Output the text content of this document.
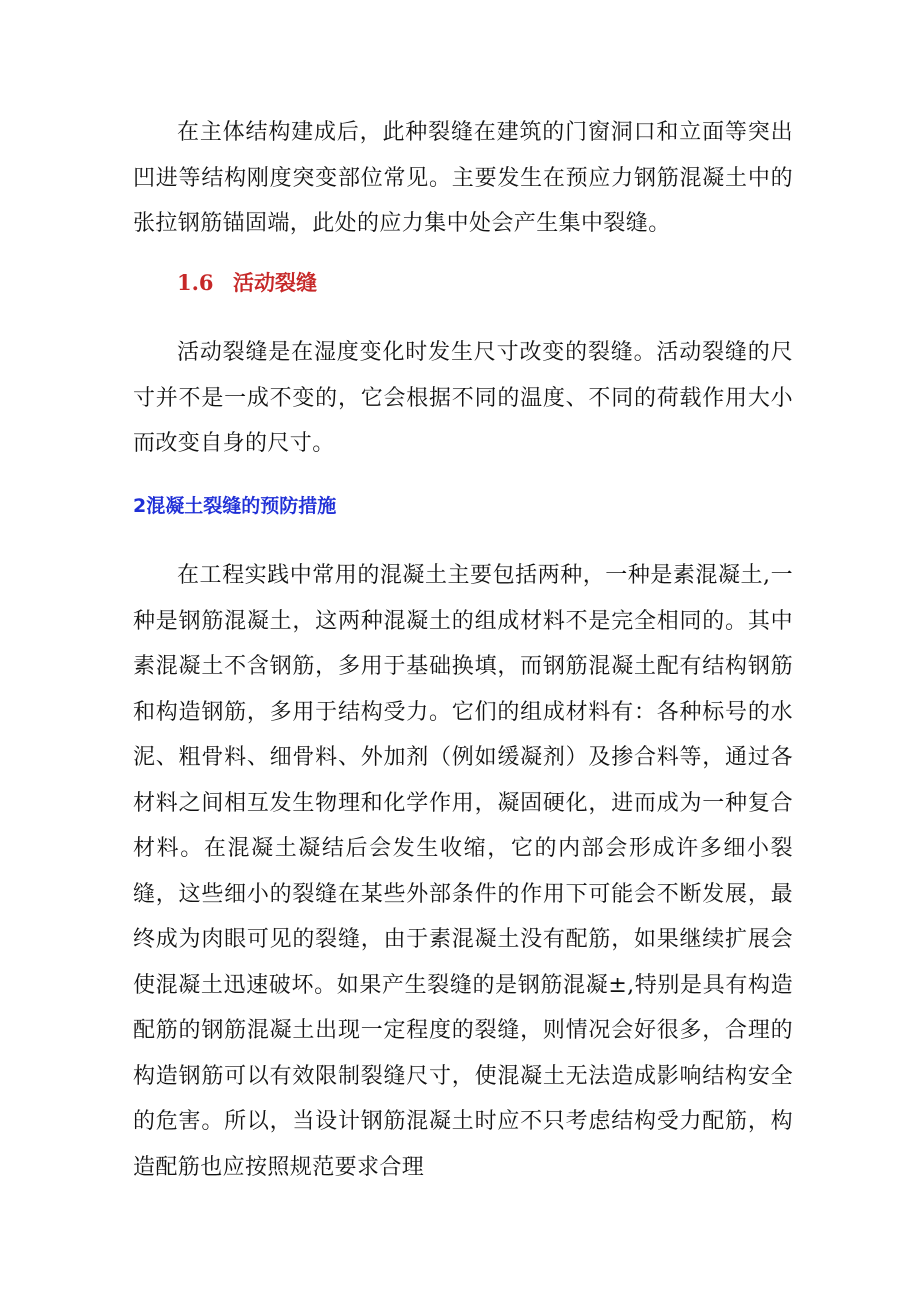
在主体结构建成后，此种裂缝在建筑的门窗洞口和立面等突出凹进等结构刚度突变部位常见。主要发生在预应力钢筋混凝土中的张拉钢筋锚固端，此处的应力集中处会产生集中裂缝。

1.6 活动裂缝

活动裂缝是在湿度变化时发生尺寸改变的裂缝。活动裂缝的尺寸并不是一成不变的，它会根据不同的温度、不同的荷载作用大小而改变自身的尺寸。

2混凝土裂缝的预防措施

在工程实践中常用的混凝土主要包括两种，一种是素混凝土,一种是钢筋混凝土，这两种混凝土的组成材料不是完全相同的。其中素混凝土不含钢筋，多用于基础换填，而钢筋混凝土配有结构钢筋和构造钢筋，多用于结构受力。它们的组成材料有：各种标号的水泥、粗骨料、细骨料、外加剂（例如缓凝剂）及掺合料等，通过各材料之间相互发生物理和化学作用，凝固硬化，进而成为一种复合材料。在混凝土凝结后会发生收缩，它的内部会形成许多细小裂缝，这些细小的裂缝在某些外部条件的作用下可能会不断发展，最终成为肉眼可见的裂缝，由于素混凝土没有配筋，如果继续扩展会使混凝土迅速破坏。如果产生裂缝的是钢筋混凝±,特别是具有构造配筋的钢筋混凝土出现一定程度的裂缝，则情况会好很多，合理的构造钢筋可以有效限制裂缝尺寸，使混凝土无法造成影响结构安全的危害。所以，当设计钢筋混凝土时应不只考虑结构受力配筋，构造配筋也应按照规范要求合理
